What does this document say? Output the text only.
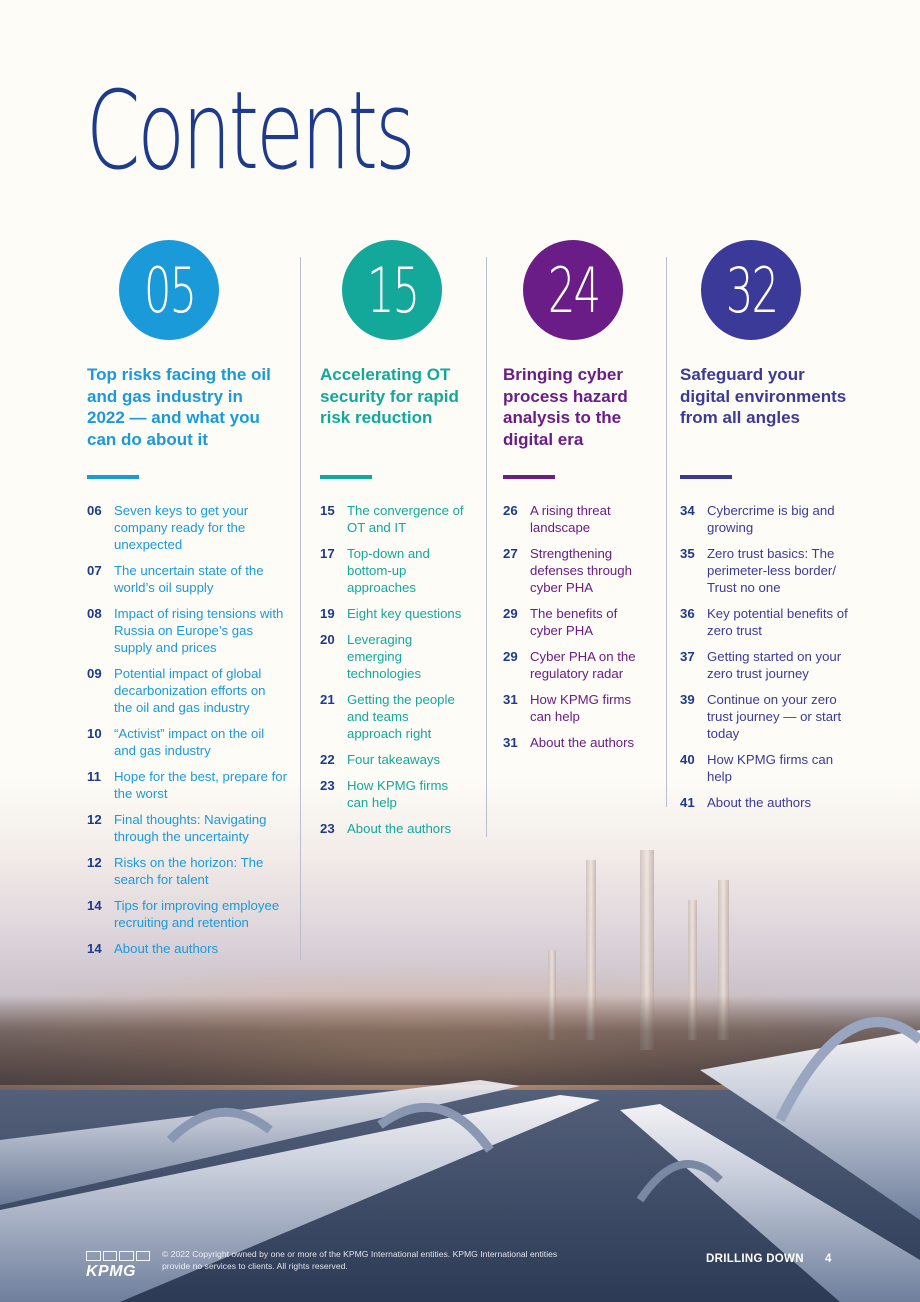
Contents
05
Top risks facing the oil and gas industry in 2022 — and what you can do about it
06 Seven keys to get your company ready for the unexpected
07 The uncertain state of the world’s oil supply
08 Impact of rising tensions with Russia on Europe’s gas supply and prices
09 Potential impact of global decarbonization efforts on the oil and gas industry
10 “Activist” impact on the oil and gas industry
11 Hope for the best, prepare for the worst
12 Final thoughts: Navigating through the uncertainty
12 Risks on the horizon: The search for talent
14 Tips for improving employee recruiting and retention
14 About the authors
15
Accelerating OT security for rapid risk reduction
15 The convergence of OT and IT
17 Top-down and bottom-up approaches
19 Eight key questions
20 Leveraging emerging technologies
21 Getting the people and teams approach right
22 Four takeaways
23 How KPMG firms can help
23 About the authors
24
Bringing cyber process hazard analysis to the digital era
26 A rising threat landscape
27 Strengthening defenses through cyber PHA
29 The benefits of cyber PHA
29 Cyber PHA on the regulatory radar
31 How KPMG firms can help
31 About the authors
32
Safeguard your digital environments from all angles
34 Cybercrime is big and growing
35 Zero trust basics: The perimeter-less border/ Trust no one
36 Key potential benefits of zero trust
37 Getting started on your zero trust journey
39 Continue on your zero trust journey — or start today
40 How KPMG firms can help
41 About the authors
KPMG
© 2022 Copyright owned by one or more of the KPMG International entities. KPMG International entities provide no services to clients. All rights reserved.
DRILLING DOWN 4
